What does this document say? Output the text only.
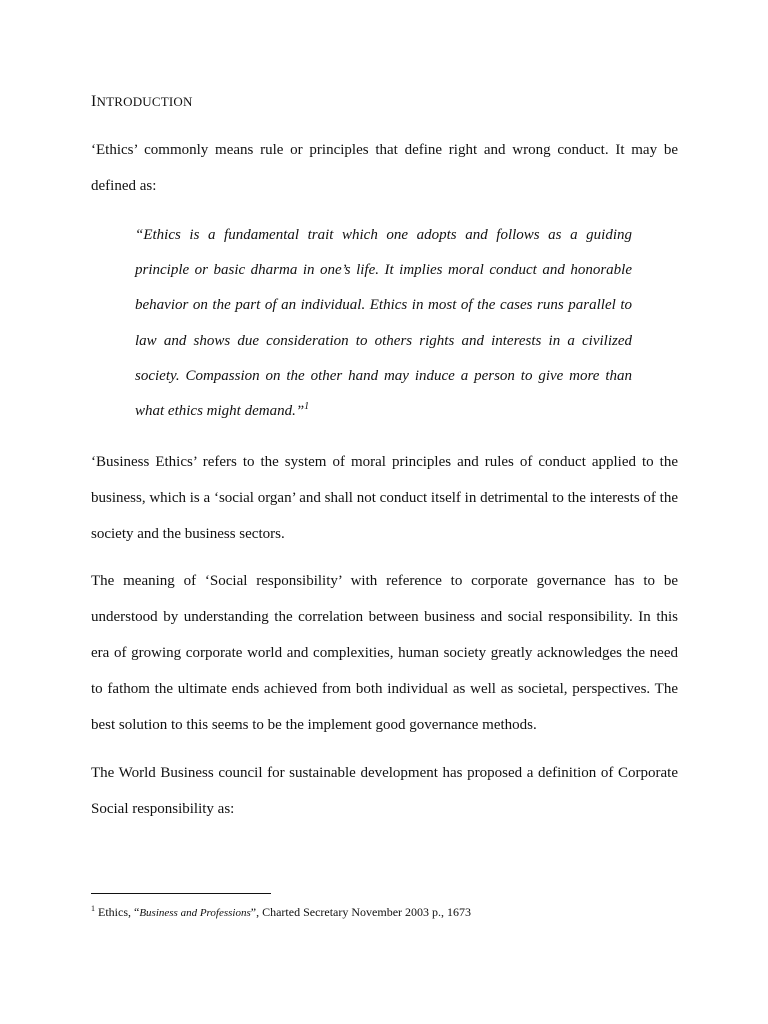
INTRODUCTION

‘Ethics’ commonly means rule or principles that define right and wrong conduct. It may be defined as:

“Ethics is a fundamental trait which one adopts and follows as a guiding principle or basic dharma in one’s life. It implies moral conduct and honorable behavior on the part of an individual. Ethics in most of the cases runs parallel to law and shows due consideration to others rights and interests in a civilized society. Compassion on the other hand may induce a person to give more than what ethics might demand.”$^1$

‘Business Ethics’ refers to the system of moral principles and rules of conduct applied to the business, which is a ‘social organ’ and shall not conduct itself in detrimental to the interests of the society and the business sectors.

The meaning of ‘Social responsibility’ with reference to corporate governance has to be understood by understanding the correlation between business and social responsibility. In this era of growing corporate world and complexities, human society greatly acknowledges the need to fathom the ultimate ends achieved from both individual as well as societal, perspectives. The best solution to this seems to be the implement good governance methods.

The World Business council for sustainable development has proposed a definition of Corporate Social responsibility as:

$^1$ Ethics, “Business and Professions”, Charted Secretary November 2003 p., 1673
